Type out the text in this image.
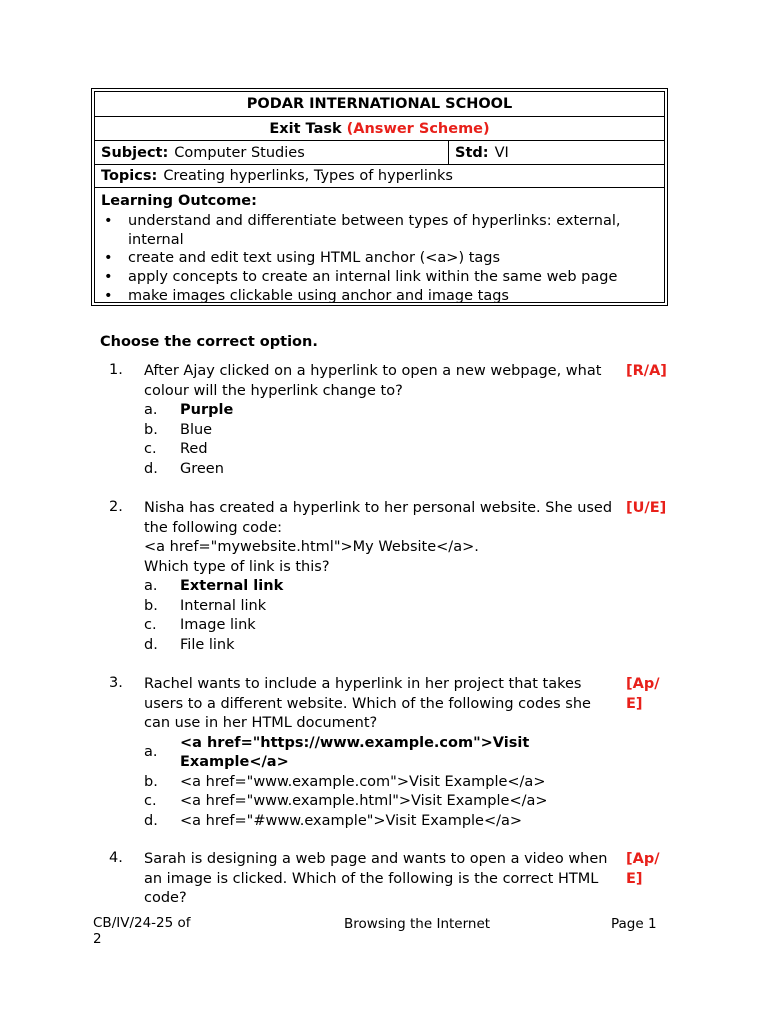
PODAR INTERNATIONAL SCHOOL
Exit Task (Answer Scheme)
Subject: Computer Studies	Std: VI
Topics: Creating hyperlinks, Types of hyperlinks
Learning Outcome:
• understand and differentiate between types of hyperlinks: external, internal
• create and edit text using HTML anchor (<a>) tags
• apply concepts to create an internal link within the same web page
• make images clickable using anchor and image tags
Choose the correct option.
1.	[R/A]
After Ajay clicked on a hyperlink to open a new webpage, what colour will the hyperlink change to?
a.	Purple
b.	Blue
c.	Red
d.	Green
2.	[U/E]
Nisha has created a hyperlink to her personal website. She used the following code:
<a href="mywebsite.html">My Website</a>.
Which type of link is this?
a.	External link
b.	Internal link
c.	Image link
d.	File link
3.	[Ap/ E]
Rachel wants to include a hyperlink in her project that takes users to a different website. Which of the following codes she can use in her HTML document?
a.
<a href="https://www.example.com">Visit Example</a>
b.	<a href="www.example.com">Visit Example</a>
c.	<a href="www.example.html">Visit Example</a>
d.	<a href="#www.example">Visit Example</a>
4.	[Ap/ E]
Sarah is designing a web page and wants to open a video when an image is clicked. Which of the following is the correct HTML code?
CB/IV/24-25 of 2
Browsing the Internet	Page 1
